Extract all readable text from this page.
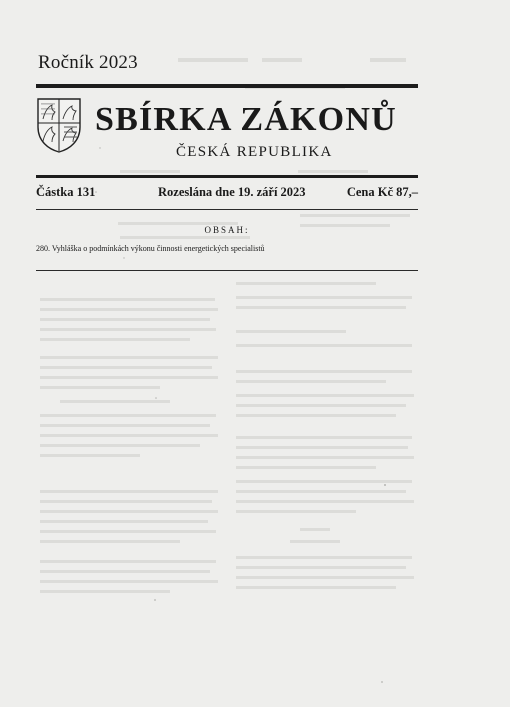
Ročník 2023
SBÍRKA ZÁKONŮ
ČESKÁ REPUBLIKA
Částka 131	Rozeslána dne 19. září 2023	Cena Kč 87,–
OBSAH:
280. Vyhláška o podmínkách výkonu činnosti energetických specialistů
